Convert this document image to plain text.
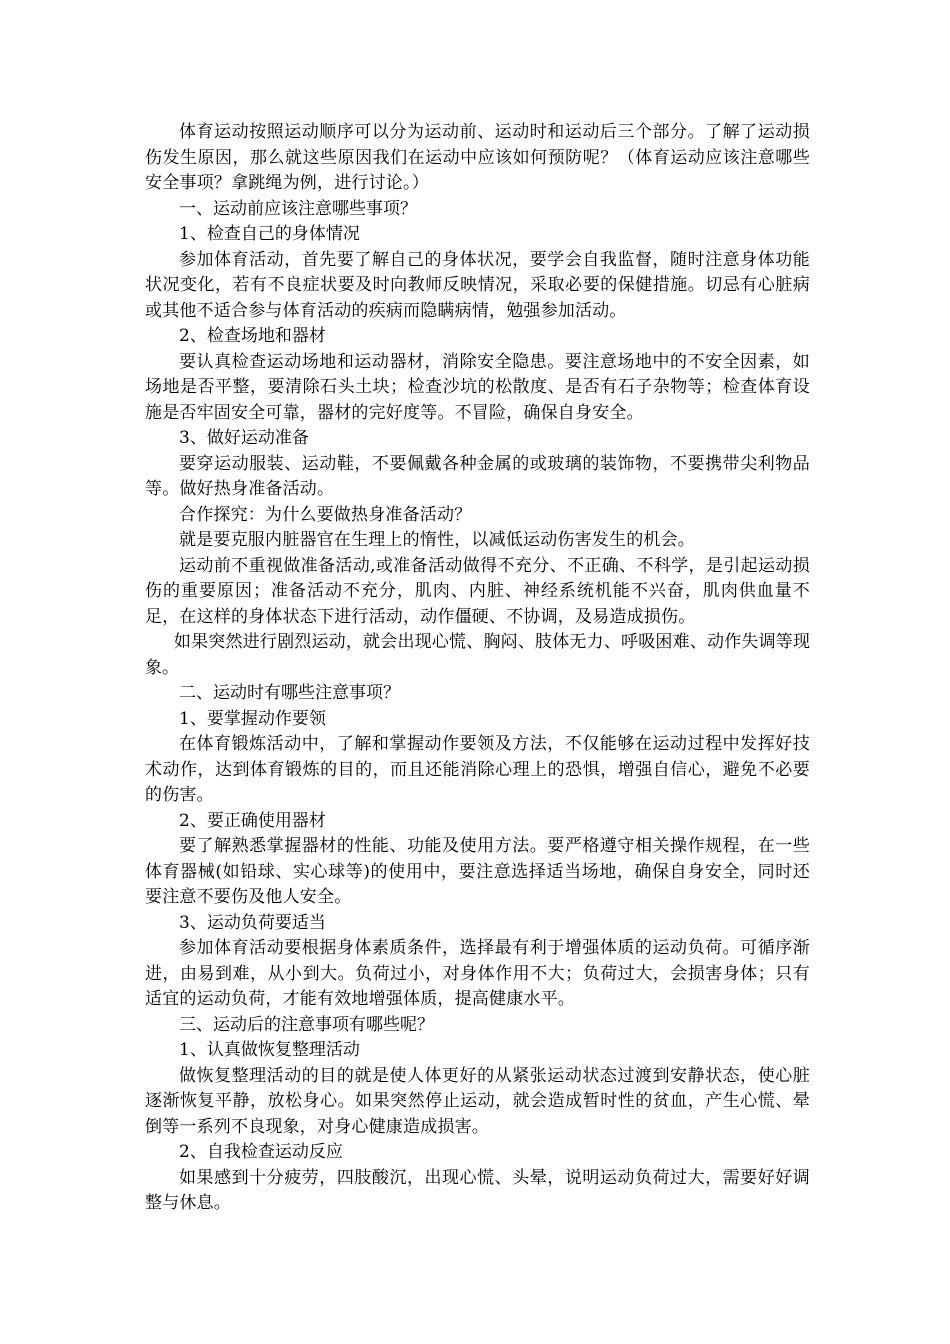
体育运动按照运动顺序可以分为运动前、运动时和运动后三个部分。了解了运动损伤发生原因，那么就这些原因我们在运动中应该如何预防呢？（体育运动应该注意哪些安全事项？拿跳绳为例，进行讨论。）

一、运动前应该注意哪些事项？

1、检查自己的身体情况

参加体育活动，首先要了解自己的身体状况，要学会自我监督，随时注意身体功能状况变化，若有不良症状要及时向教师反映情况，采取必要的保健措施。切忌有心脏病或其他不适合参与体育活动的疾病而隐瞒病情，勉强参加活动。

2、检查场地和器材

要认真检查运动场地和运动器材，消除安全隐患。要注意场地中的不安全因素，如场地是否平整，要清除石头土块；检查沙坑的松散度、是否有石子杂物等；检查体育设施是否牢固安全可靠，器材的完好度等。不冒险，确保自身安全。

3、做好运动准备

要穿运动服装、运动鞋，不要佩戴各种金属的或玻璃的装饰物，不要携带尖利物品等。做好热身准备活动。

合作探究：为什么要做热身准备活动？

就是要克服内脏器官在生理上的惰性，以减低运动伤害发生的机会。

运动前不重视做准备活动,或准备活动做得不充分、不正确、不科学，是引起运动损伤的重要原因；准备活动不充分，肌肉、内脏、神经系统机能不兴奋，肌肉供血量不足，在这样的身体状态下进行活动，动作僵硬、不协调，及易造成损伤。

如果突然进行剧烈运动，就会出现心慌、胸闷、肢体无力、呼吸困难、动作失调等现象。

二、运动时有哪些注意事项？

1、要掌握动作要领

在体育锻炼活动中，了解和掌握动作要领及方法，不仅能够在运动过程中发挥好技术动作，达到体育锻炼的目的，而且还能消除心理上的恐惧，增强自信心，避免不必要的伤害。

2、要正确使用器材

要了解熟悉掌握器材的性能、功能及使用方法。要严格遵守相关操作规程，在一些体育器械(如铅球、实心球等)的使用中，要注意选择适当场地，确保自身安全，同时还要注意不要伤及他人安全。

3、运动负荷要适当

参加体育活动要根据身体素质条件，选择最有利于增强体质的运动负荷。可循序渐进，由易到难，从小到大。负荷过小，对身体作用不大；负荷过大，会损害身体；只有适宜的运动负荷，才能有效地增强体质，提高健康水平。

三、运动后的注意事项有哪些呢？

1、认真做恢复整理活动

做恢复整理活动的目的就是使人体更好的从紧张运动状态过渡到安静状态，使心脏逐渐恢复平静，放松身心。如果突然停止运动，就会造成暂时性的贫血，产生心慌、晕倒等一系列不良现象，对身心健康造成损害。

2、自我检查运动反应

如果感到十分疲劳，四肢酸沉，出现心慌、头晕，说明运动负荷过大，需要好好调整与休息。
